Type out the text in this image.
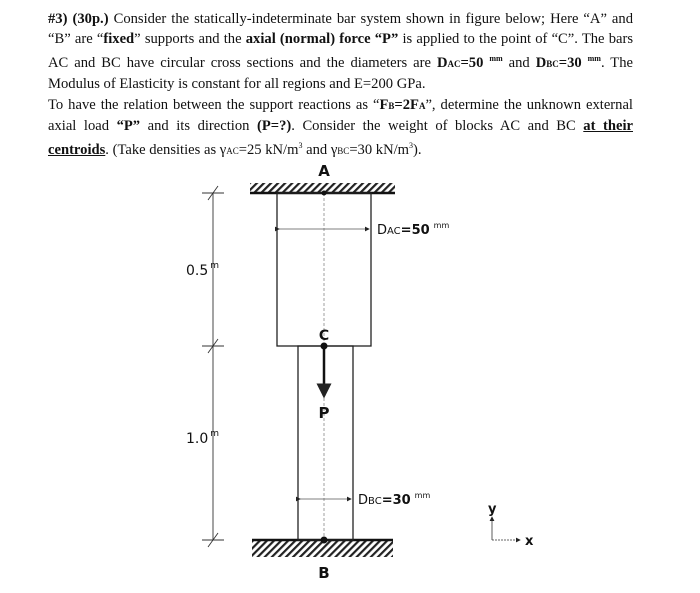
#3) (30p.) Consider the statically-indeterminate bar system shown in figure below; Here “A” and “B” are “fixed” supports and the axial (normal) force “P” is applied to the point of “C”. The bars AC and BC have circular cross sections and the diameters are DAC=50 $^{mm}$ and DBC=30 $^{mm}$. The Modulus of Elasticity is constant for all regions and E=200 GPa.
To have the relation between the support reactions as “FB=2FA”, determine the unknown external axial load “P” and its direction (P=?). Consider the weight of blocks AC and BC at their centroids. (Take densities as γAC=25 $kN/m^3$ and γBC=30 $kN/m^3$).
A
C
P
B
0.5 $^m$
1.0 $^m$
DAC=50 $^{mm}$
DBC=30 $^{mm}$
y
x
